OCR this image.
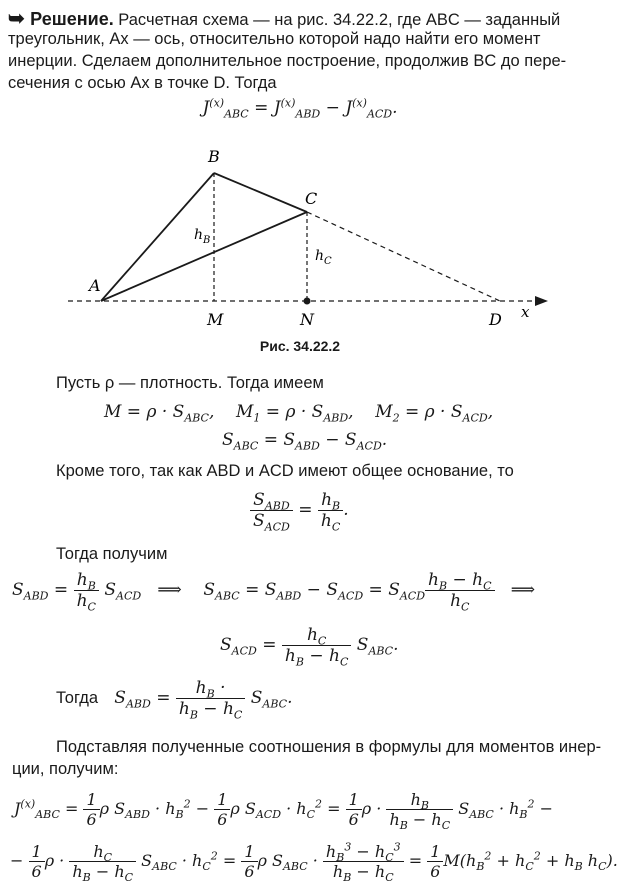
➥ Решение. Расчетная схема — на рис. 34.22.2, где ABC — заданный
треугольник, Ax — ось, относительно которой надо найти его момент
инерции. Сделаем дополнительное построение, продолжив BC до пере-
сечения с осью Ax в точке D. Тогда
$J^{(x)}_{ABC} = J^{(x)}_{ABD} - J^{(x)}_{ACD}$.
A
B
C
D
M	N	x
h B
h C
Рис. 34.22.2
Пусть ρ — плотность. Тогда имеем
$M = \rho \cdot S_{ABC}$,    $M_1 = \rho \cdot S_{ABD}$,    $M_2 = \rho \cdot S_{ACD}$,
$S_{ABC} = S_{ABD} - S_{ACD}$.
Кроме того, так как ABD и ACD имеют общее основание, то
$\frac{S_{ABD}}{S_{ACD}} = \frac{h_B}{h_C}$ .
Тогда получим
$S_{ABD} = \frac{h_B}{h_C} S_{ACD}$   ⟹    $S_{ABC} = S_{ABD} - S_{ACD} = S_{ACD} \frac{h_B - h_C}{h_C}$ ⟹
$S_{ACD} = \frac{h_C}{h_B - h_C} S_{ABC}$.
Тогда   $S_{ABD} = \frac{h_B \cdot}{h_B - h_C} S_{ABC}$.
Подставляя полученные соотношения в формулы для моментов инер-
ции, получим:
$J^{(x)}_{ABC} = \frac{1}{6}$ ρ $S_{ABD} \cdot h_B^2 - \frac{1}{6}$ ρ $S_{ACD} \cdot h_C^2 = \frac{1}{6}$ $\rho \cdot \frac{h_B}{h_B - h_C} S_{ABC} \cdot h_B^2$ −
− $\frac{1}{6}$ $\rho \cdot \frac{h_C}{h_B - h_C} S_{ABC} \cdot h_C^2 = \frac{1}{6}$ ρ $S_{ABC} \cdot \frac{h_B^3 - h_C^3}{h_B - h_C} = \frac{1}{6} M(h_B^2 + h_C^2 + h_B$ $h_C$).
